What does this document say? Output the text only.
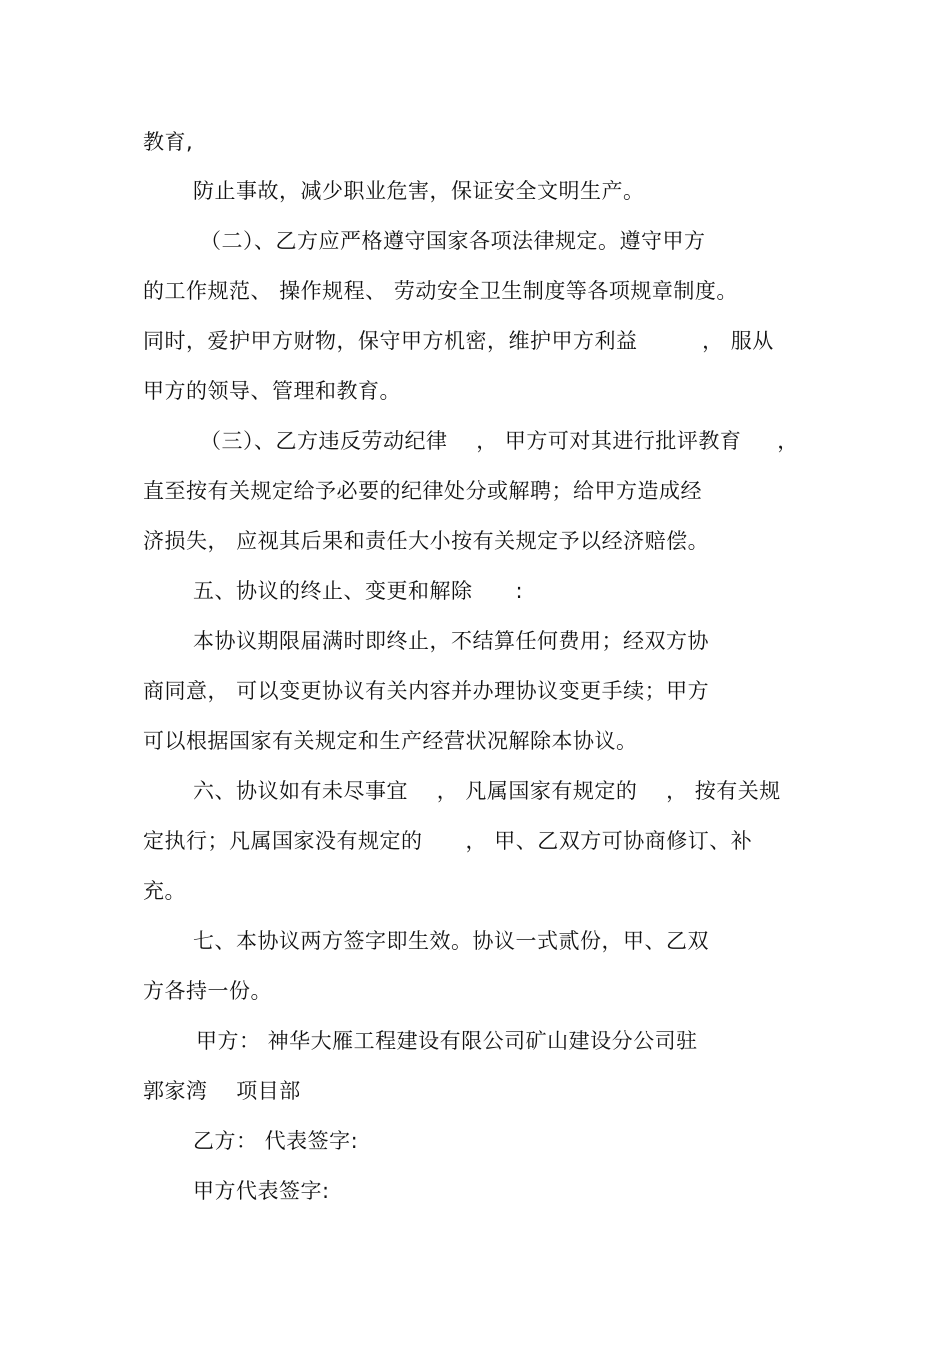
教育,
防止事故，减少职业危害，保证安全文明生产。
（二）、乙方应严格遵守国家各项法律规定。遵守甲方
的工作规范、 操作规程、 劳动安全卫生制度等各项规章制度。
同时，爱护甲方财物，保守甲方机密，维护甲方利益         ， 服从
甲方的领导、管理和教育。
（三）、乙方违反劳动纪律    ， 甲方可对其进行批评教育     ，
直至按有关规定给予必要的纪律处分或解聘；给甲方造成经
济损失， 应视其后果和责任大小按有关规定予以经济赔偿。
五、协议的终止、变更和解除      :
本协议期限届满时即终止，不结算任何费用；经双方协
商同意， 可以变更协议有关内容并办理协议变更手续；甲方
可以根据国家有关规定和生产经营状况解除本协议。
六、协议如有未尽事宜    ， 凡属国家有规定的    ， 按有关规
定执行；凡属国家没有规定的      ， 甲、乙双方可协商修订、补
充。
七、本协议两方签字即生效。协议一式贰份，甲、乙双
方各持一份。
甲方： 神华大雁工程建设有限公司矿山建设分公司驻
郭家湾    项目部
乙方： 代表签字:
甲方代表签字:
